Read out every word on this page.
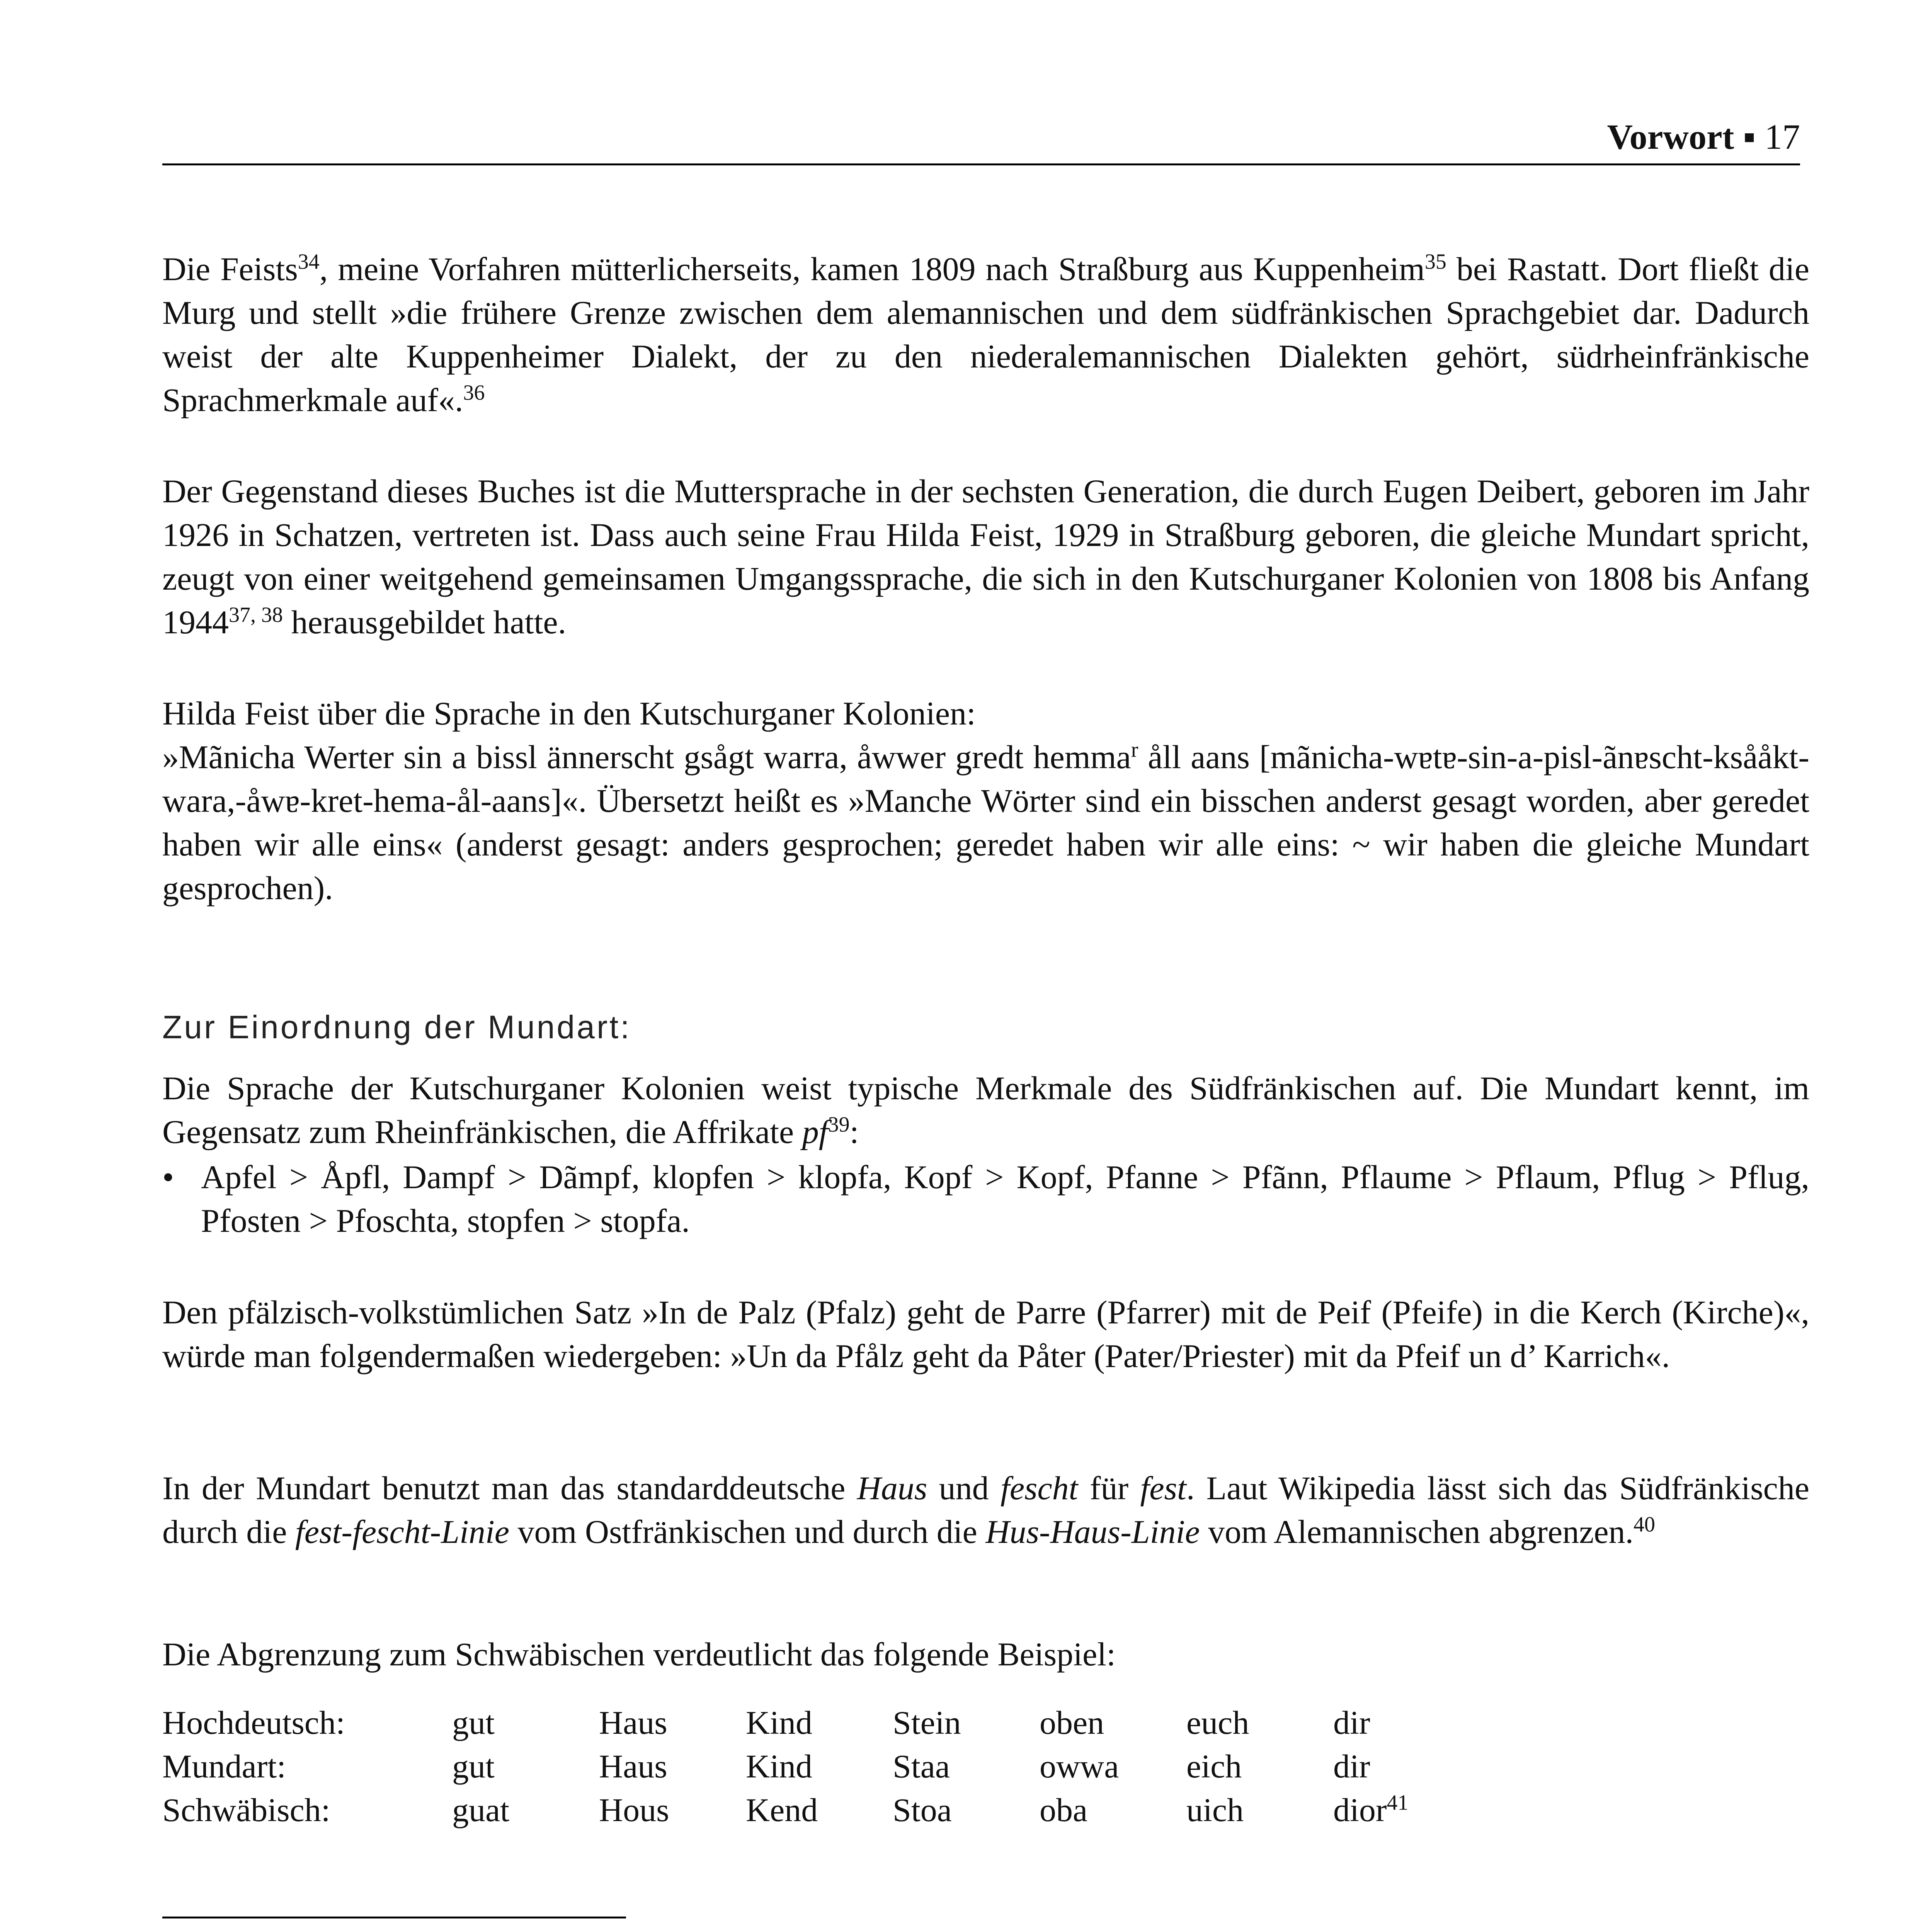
Vorwort ▪ 17
Die Feists$^{34}$, meine Vorfahren mütterlicherseits, kamen 1809 nach Straßburg aus Kuppenheim$^{35}$ bei Rastatt. Dort fließt die Murg und stellt »die frühere Grenze zwischen dem alemannischen und dem südfränkischen Sprachgebiet dar. Dadurch weist der alte Kuppenheimer Dialekt, der zu den niederalemannischen Dialekten gehört, südrheinfränkische Sprachmerkmale auf«.$^{36}$
Der Gegenstand dieses Buches ist die Muttersprache in der sechsten Generation, die durch Eugen Deibert, geboren im Jahr 1926 in Schatzen, vertreten ist. Dass auch seine Frau Hilda Feist, 1929 in Straßburg geboren, die gleiche Mundart spricht, zeugt von einer weitgehend gemeinsamen Umgangssprache, die sich in den Kutschurganer Kolonien von 1808 bis Anfang 1944$^{37, 38}$ herausgebildet hatte.
Hilda Feist über die Sprache in den Kutschurganer Kolonien:
»Mãnicha Werter sin a bissl ännerscht gsågt warra, åwwer gredt hemma$^r$ åll aans [mãnicha-wɐtɐ-sin-a-pisl-ãnɐscht-ksååkt-wara,-åwɐ-kret-hema-ål-aans]«. Übersetzt heißt es »Manche Wörter sind ein bisschen anderst gesagt worden, aber geredet haben wir alle eins« (anderst gesagt: anders gesprochen; geredet haben wir alle eins: ~ wir haben die gleiche Mundart gesprochen).
Zur Einordnung der Mundart:
Die Sprache der Kutschurganer Kolonien weist typische Merkmale des Südfränkischen auf. Die Mundart kennt, im Gegensatz zum Rheinfränkischen, die Affrikate $pf^{39}$:
• Apfel > Åpfl, Dampf > Dãmpf, klopfen > klopfa, Kopf > Kopf, Pfanne > Pfãnn, Pflaume > Pflaum, Pflug > Pflug, Pfosten > Pfoschta, stopfen > stopfa.
Den pfälzisch-volkstümlichen Satz »In de Palz (Pfalz) geht de Parre (Pfarrer) mit de Peif (Pfeife) in die Kerch (Kirche)«, würde man folgendermaßen wiedergeben: »Un da Pfålz geht da Påter (Pater/Priester) mit da Pfeif un d’ Karrich«.
In der Mundart benutzt man das standarddeutsche Haus und fescht für fest. Laut Wikipedia lässt sich das Südfränkische durch die fest-fescht-Linie vom Ostfränkischen und durch die Hus-Haus-Linie vom Alemannischen abgrenzen.$^{40}$
Die Abgrenzung zum Schwäbischen verdeutlicht das folgende Beispiel:
Hochdeutsch:	gut	Haus	Kind	Stein	oben	euch	dir
Mundart:	gut	Haus	Kind	Staa	owwa	eich	dir
Schwäbisch:	guat	Hous	Kend	Stoa	oba	uich	dior$^{41}$
